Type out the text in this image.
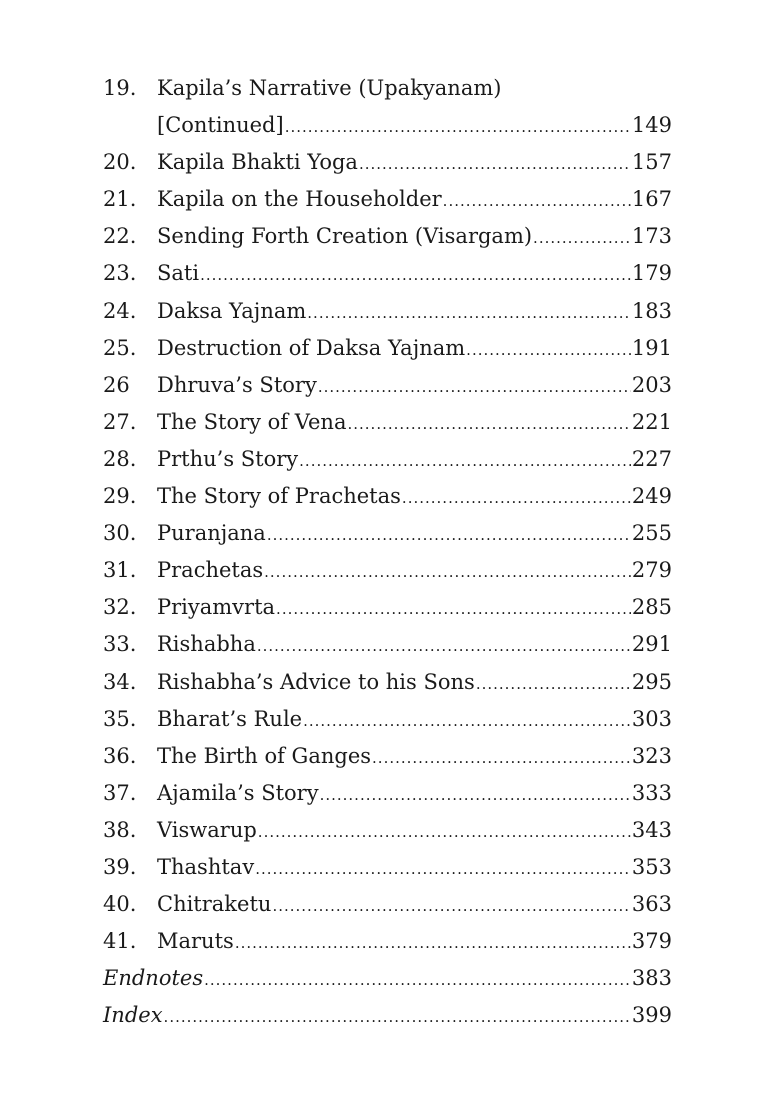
19. Kapila’s Narrative (Upakyanam)
[Continued] .....	149
20. Kapila Bhakti Yoga .....	157
21. Kapila on the Householder .....	167
22. Sending Forth Creation (Visargam) .....	173
23. Sati .....	179
24. Daksa Yajnam .....	183
25. Destruction of Daksa Yajnam .....	191
26	Dhruva’s Story .....	203
27. The Story of Vena .....	221
28. Prthu’s Story .....	227
29. The Story of Prachetas .....	249
30. Puranjana .....	255
31. Prachetas .....	279
32. Priyamvrta .....	285
33. Rishabha .....	291
34. Rishabha’s Advice to his Sons .....	295
35. Bharat’s Rule .....	303
36. The Birth of Ganges .....	323
37. Ajamila’s Story .....	333
38. Viswarup .....	343
39. Thashtav .....	353
40. Chitraketu .....	363
41. Maruts .....	379
Endnotes .....	383
Index .....	399
